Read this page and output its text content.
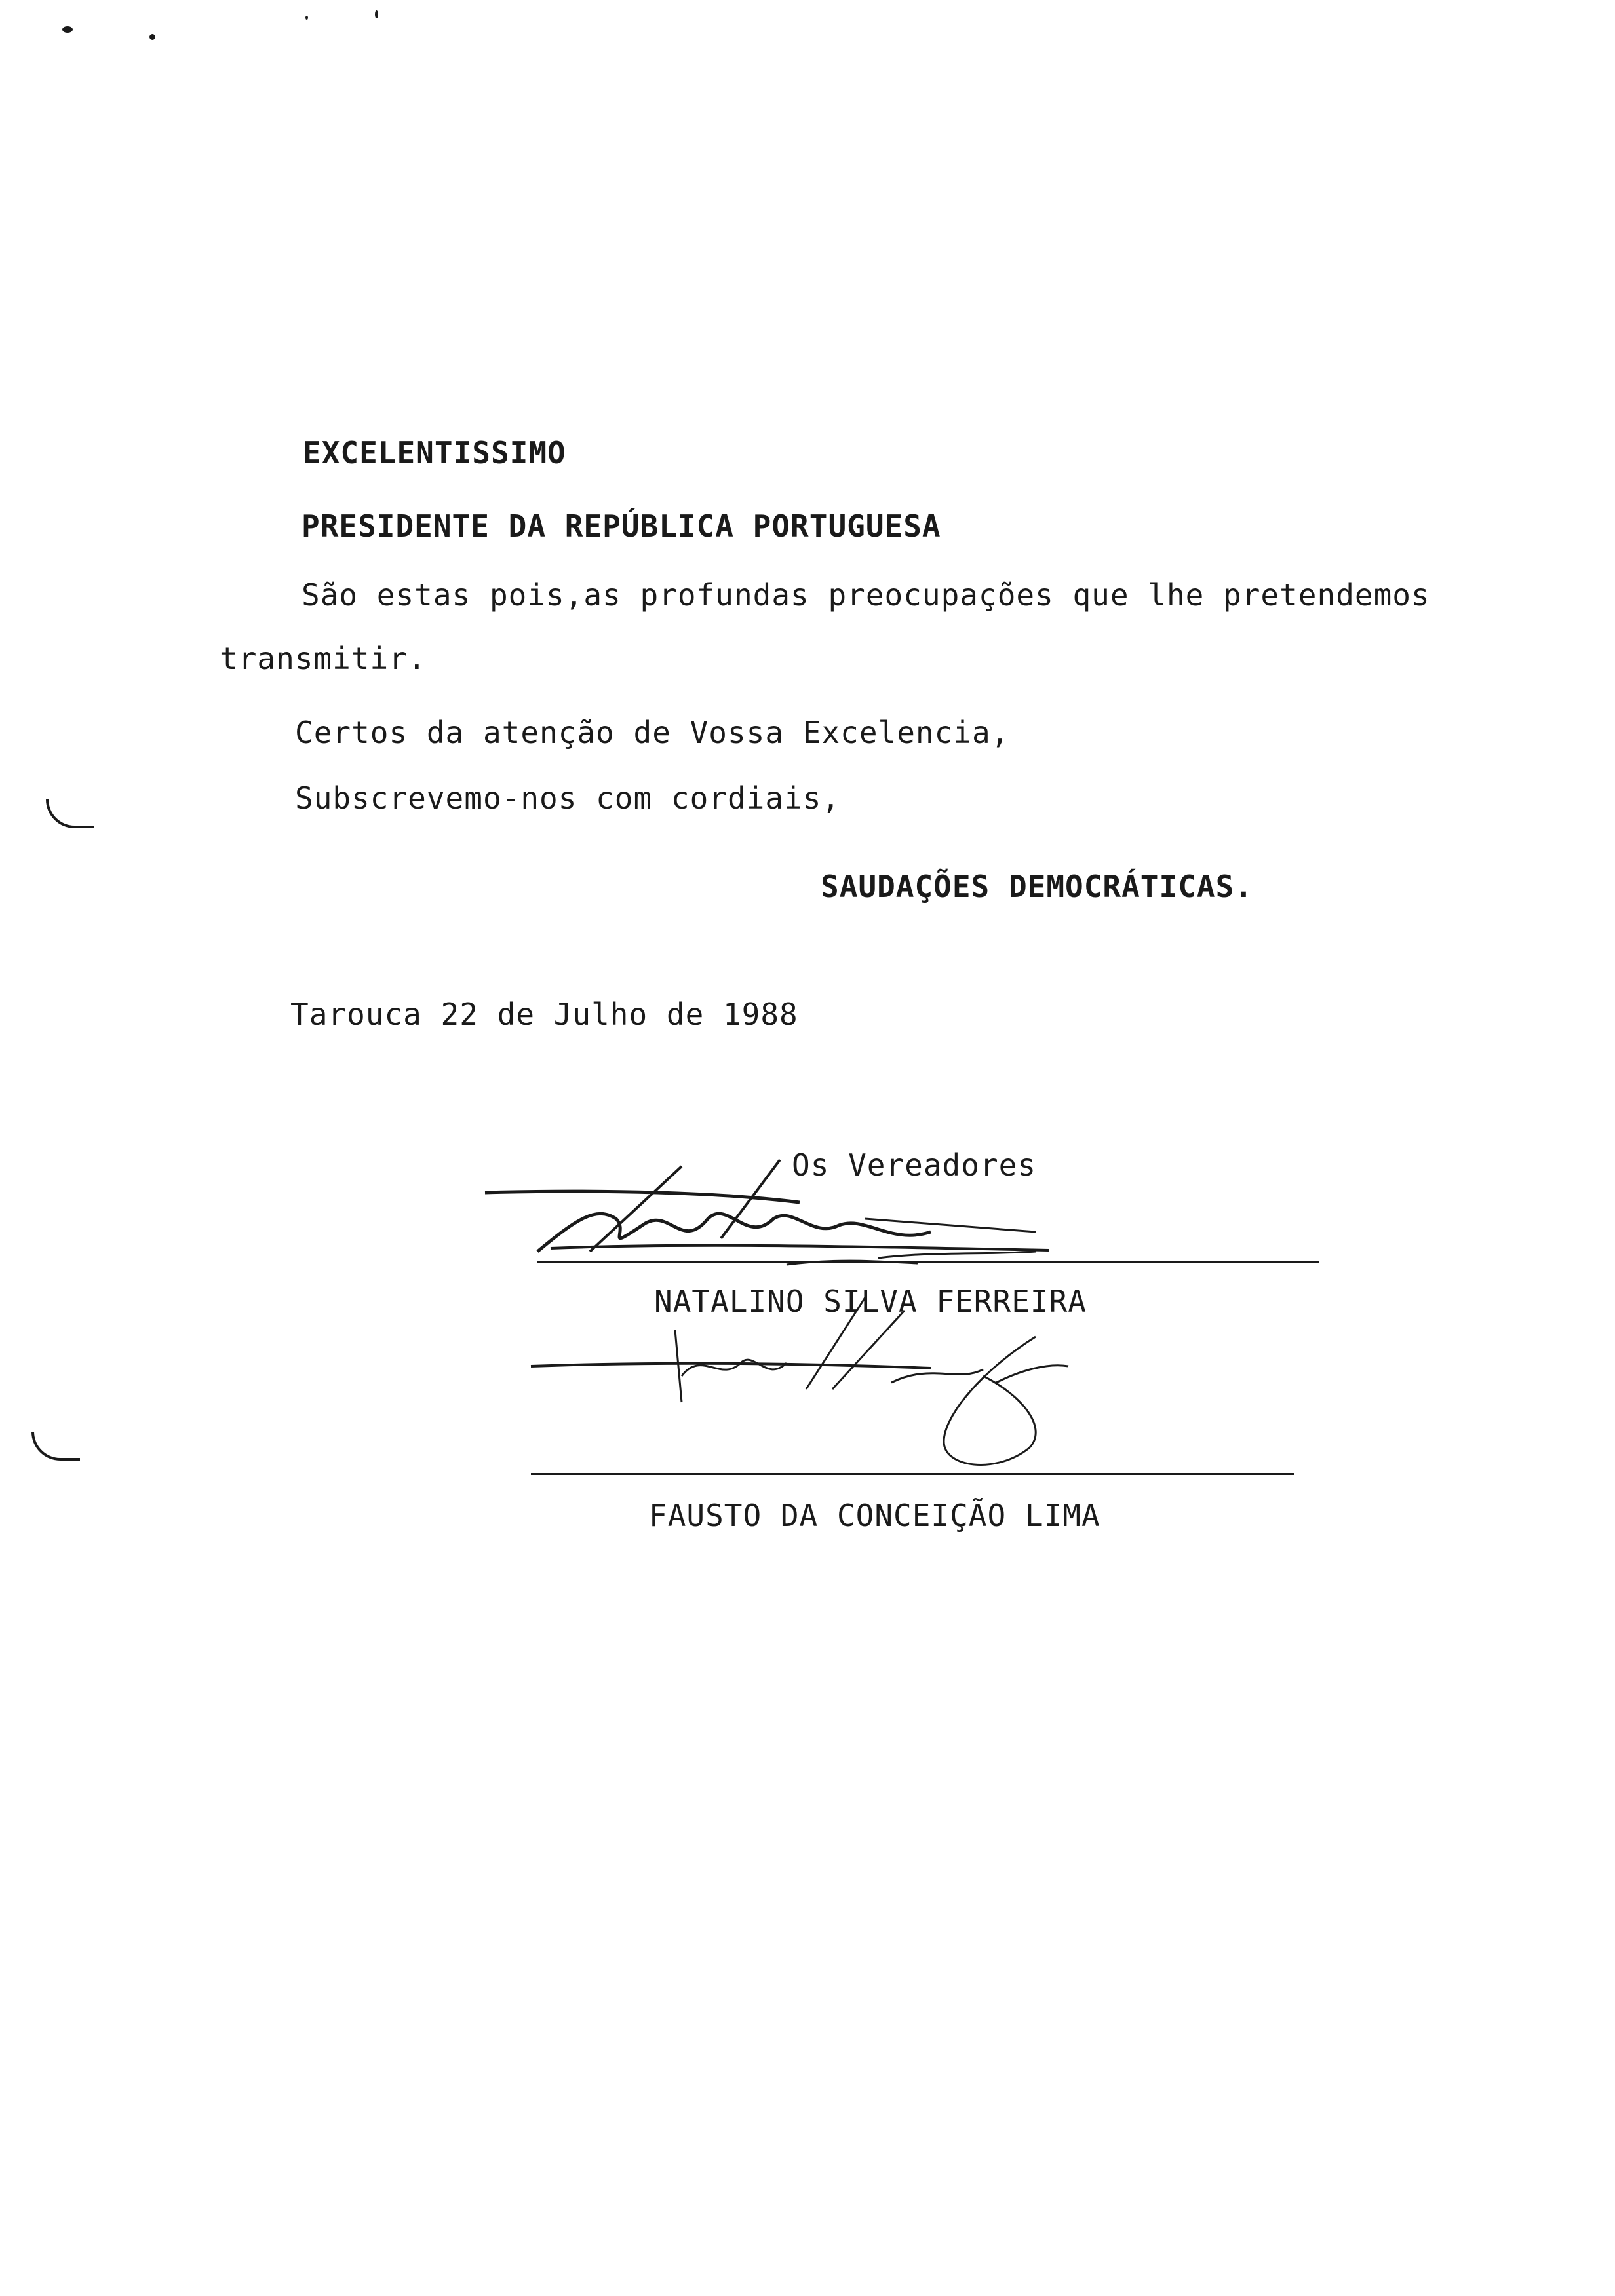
EXCELENTISSIMO
PRESIDENTE DA REPÚBLICA PORTUGUESA
São estas pois,as profundas preocupações que lhe pretendemos
transmitir.
Certos da atenção de Vossa Excelencia,
Subscrevemo-nos com cordiais,
SAUDAÇÕES DEMOCRÁTICAS.
Tarouca 22 de Julho de 1988
Os Vereadores
NATALINO SILVA FERREIRA
FAUSTO DA CONCEIÇÃO LIMA
